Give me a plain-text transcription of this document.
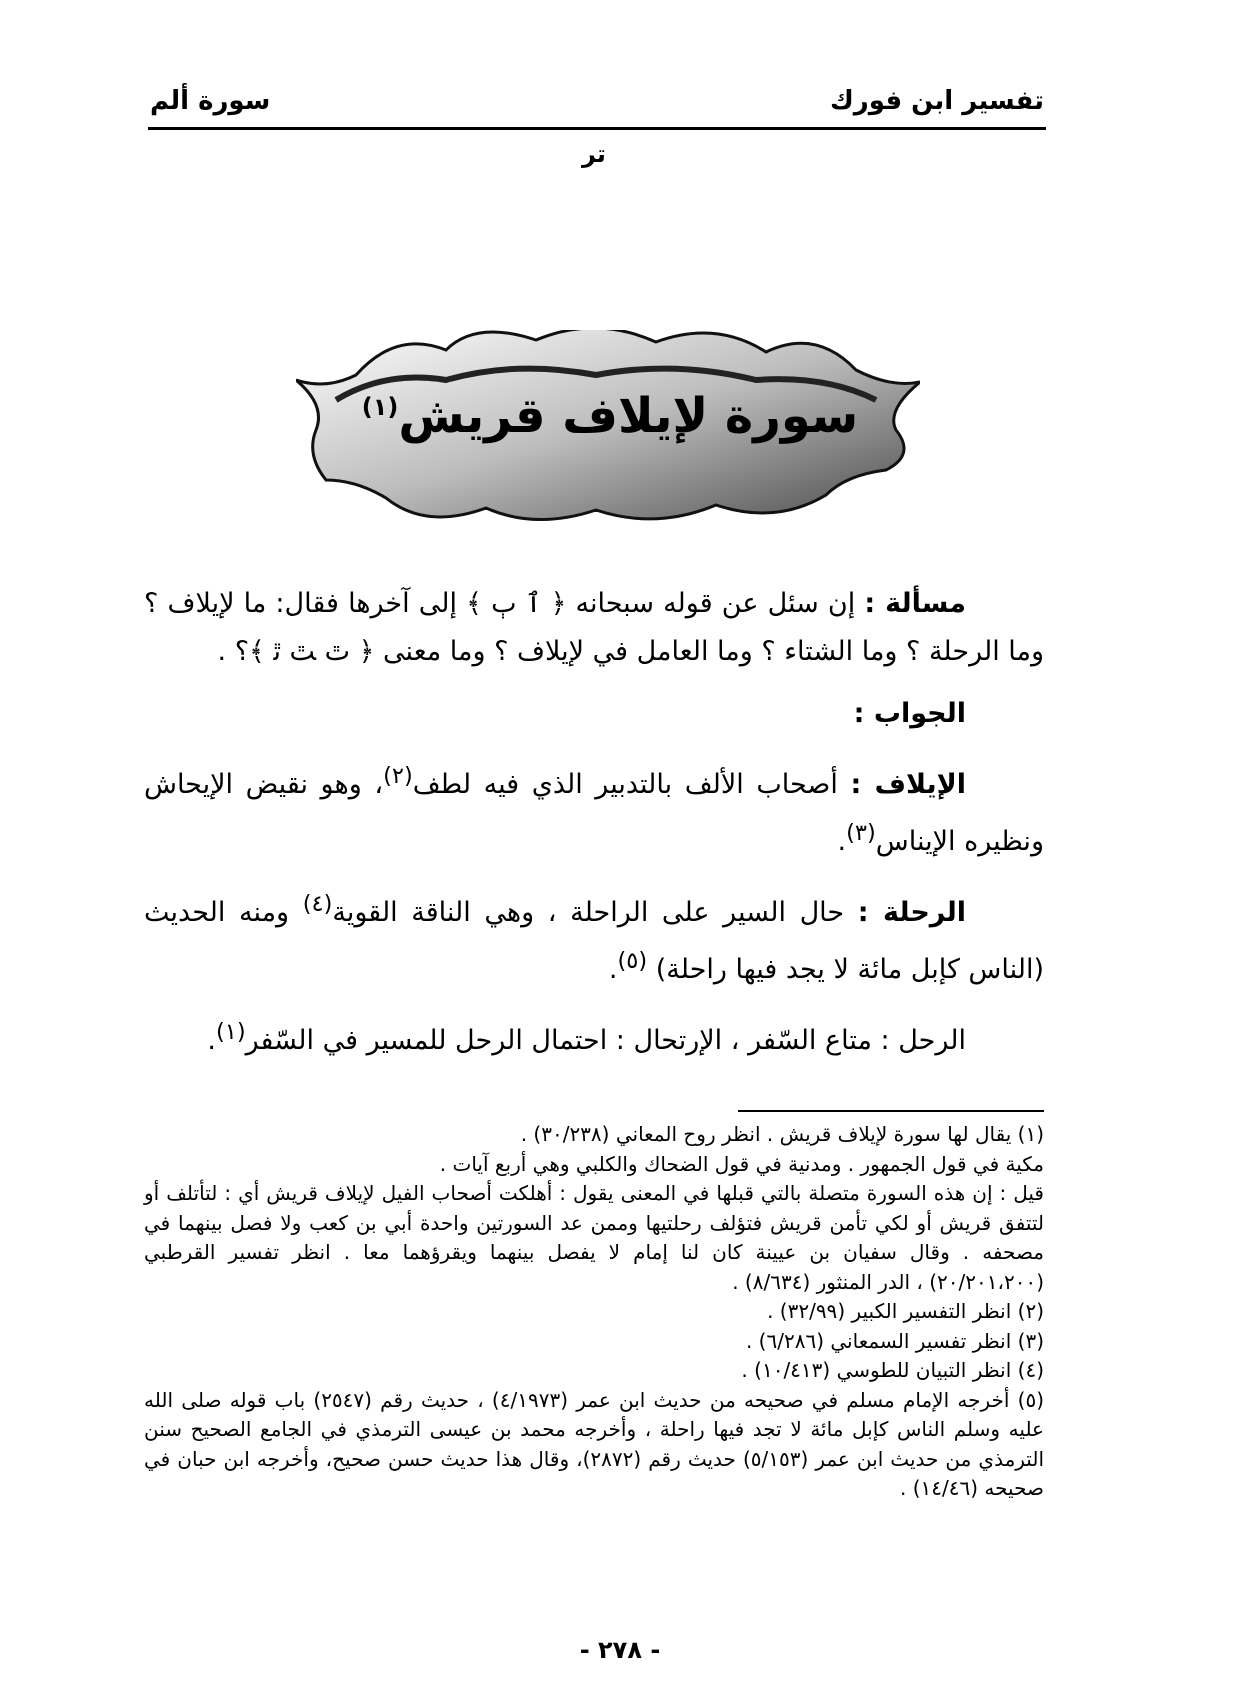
تفسير ابن فورك
سورة ألم
تر
سورة لإيلاف قريش$^{(١)}$

مسألة : إن سئل عن قوله سبحانه ﴿ ٱ ﭒ ﴾ إلى آخرها فقال: ما لإيلاف ؟ وما الرحلة ؟ وما الشتاء ؟ وما العامل في لإيلاف ؟ وما معنى ﴿ ﭢ ﭣ ﭤ ﴾؟ .

الجواب :

الإيلاف : أصحاب الألف بالتدبير الذي فيه لطف$^{(٢)}$، وهو نقيض الإيحاش ونظيره الإيناس$^{(٣)}$.

الرحلة : حال السير على الراحلة ، وهي الناقة القوية$^{(٤)}$ ومنه الحديث (الناس كإبل مائة لا يجد فيها راحلة) $^{(٥)}$.

الرحل : متاع السّفر ، الإرتحال : احتمال الرحل للمسير في السّفر$^{(١)}$.

(١) يقال لها سورة لإيلاف قريش . انظر روح المعاني (٣٠/٢٣٨) .

مكية في قول الجمهور . ومدنية في قول الضحاك والكلبي وهي أربع آيات .

قيل : إن هذه السورة متصلة بالتي قبلها في المعنى يقول : أهلكت أصحاب الفيل لإيلاف قريش أي : لتأتلف أو لتتفق قريش أو لكي تأمن قريش فتؤلف رحلتيها وممن عد السورتين واحدة أبي بن كعب ولا فصل بينهما في مصحفه . وقال سفيان بن عيينة كان لنا إمام لا يفصل بينهما ويقرؤهما معا . انظر تفسير القرطبي (٢٠/٢٠١،٢٠٠) ، الدر المنثور (٨/٦٣٤) .

(٢) انظر التفسير الكبير (٣٢/٩٩) .

(٣) انظر تفسير السمعاني (٦/٢٨٦) .

(٤) انظر التبيان للطوسي (١٠/٤١٣) .

(٥) أخرجه الإمام مسلم في صحيحه من حديث ابن عمر (٤/١٩٧٣) ، حديث رقم (٢٥٤٧) باب قوله صلى الله عليه وسلم الناس كإبل مائة لا تجد فيها راحلة ، وأخرجه محمد بن عيسى الترمذي في الجامع الصحيح سنن الترمذي من حديث ابن عمر (٥/١٥٣) حديث رقم (٢٨٧٢)، وقال هذا حديث حسن صحيح، وأخرجه ابن حبان في صحيحه (١٤/٤٦) .

- ٢٧٨ -
